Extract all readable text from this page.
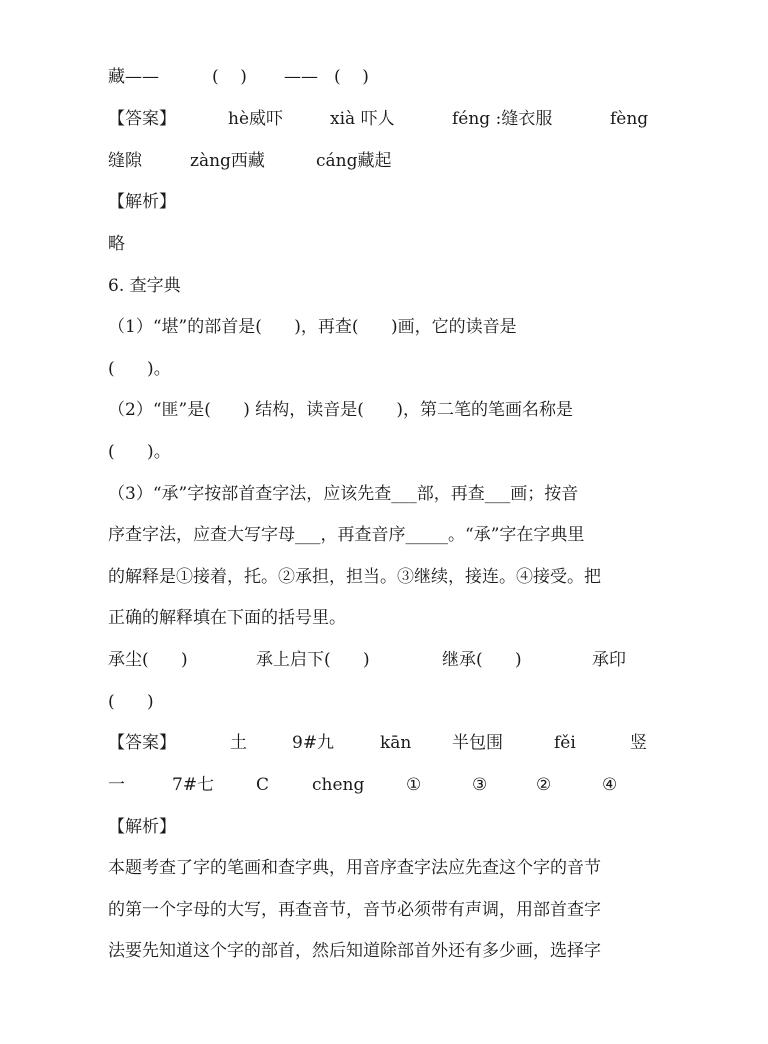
藏——

	(    )

——

(    )

【答案】

	hè威吓

	xià 吓人

	féng :缝衣服

	fèng

缝隙

	zàng西藏

	cáng藏起

【解析】
略
6. 查字典
（1）“堪”的部首是(      )，再查(      )画，它的读音是
(      )。
（2）“匪”是(      ) 结构，读音是(      )，第二笔的笔画名称是
(      )。
（3）“承”字按部首查字法，应该先查___部，再查___画；按音
序查字法，应查大写字母___，再查音序_____。“承”字在字典里
的解释是①接着，托。②承担，担当。③继续，接连。④接受。把
正确的解释填在下面的括号里。

承尘(      )

	承上启下(      )

	继承(      )

	承印

(      )

【答案】

	土

	9#九

	kān

半包围

	fěi

	竖

一

	7#七

C

	cheng

①

	③

	②

	④

【解析】
本题考查了字的笔画和查字典，用音序查字法应先查这个字的音节
的第一个字母的大写，再查音节，音节必须带有声调，用部首查字
法要先知道这个字的部首，然后知道除部首外还有多少画，选择字
